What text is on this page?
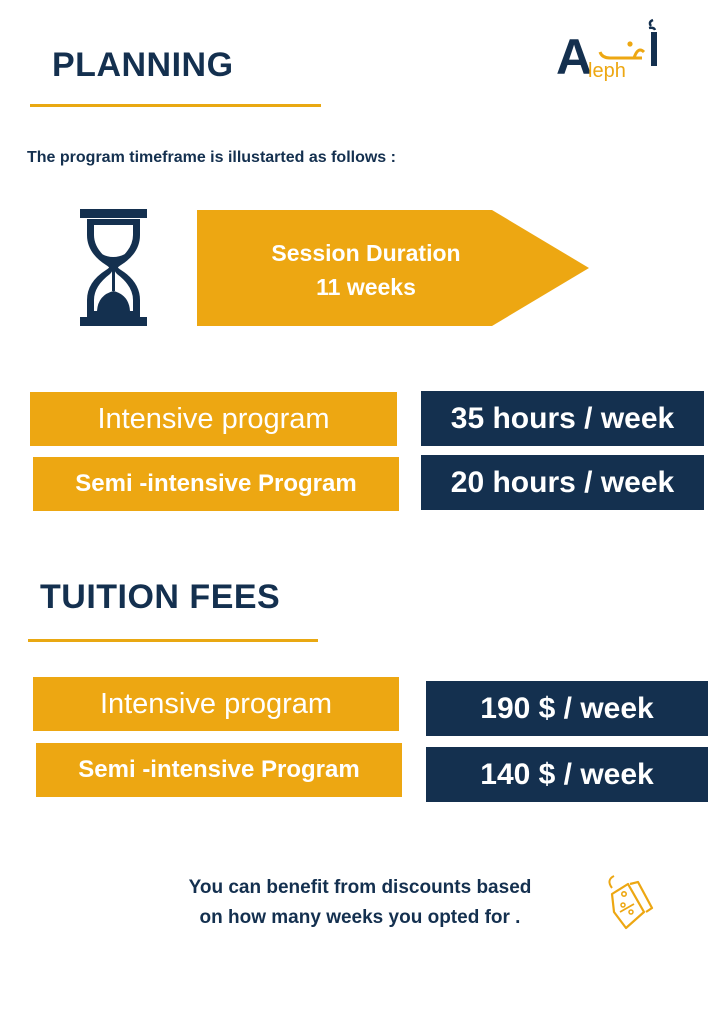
PLANNING	A
leph
The program timeframe is illustarted as follows :
Session Duration
11 weeks
Intensive program	35 hours / week
Semi -intensive Program	20 hours / week
TUITION FEES
Intensive program	190 $ / week
Semi -intensive Program	140 $ / week
You can benefit from discounts based
on how many weeks you opted for .
